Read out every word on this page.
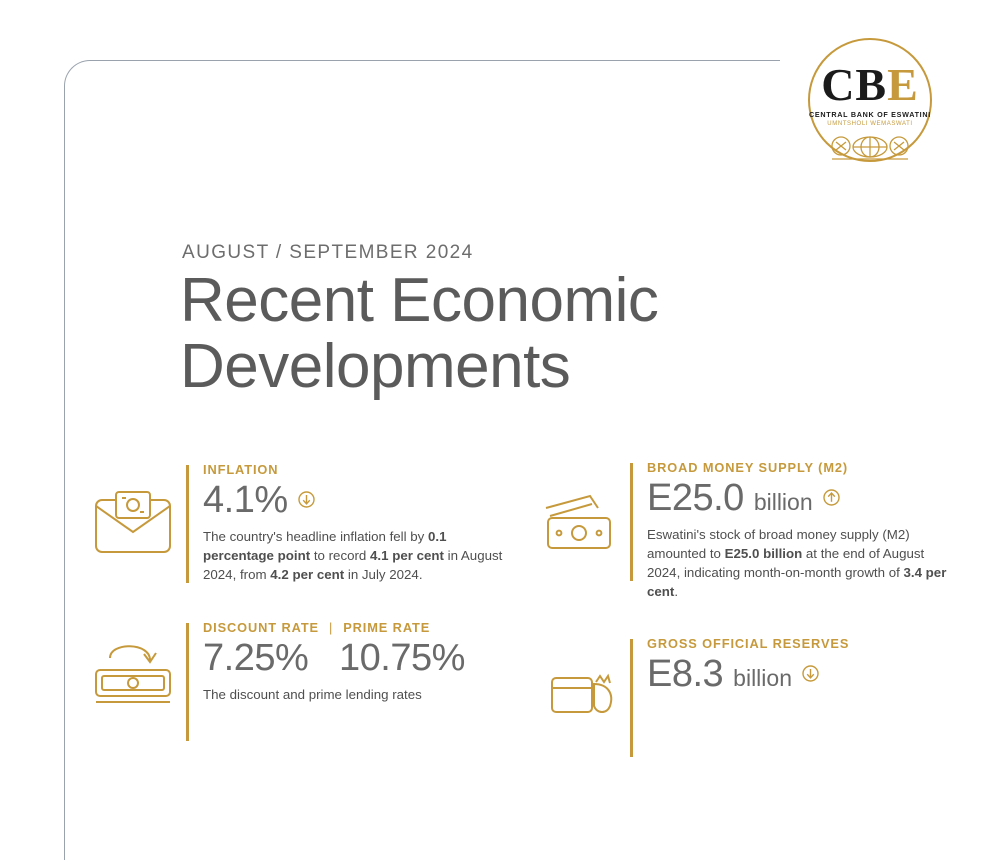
CBE
CENTRAL BANK OF ESWATINI
UMNTSHOLI WEMASWATI
AUGUST / SEPTEMBER 2024
Recent Economic
Developments
INFLATION
4.1%
The country's headline inflation fell by 0.1 percentage point to record 4.1 per cent in August 2024, from 4.2 per cent in July 2024.
DISCOUNT RATE | PRIME RATE
7.25% 10.75%
The discount and prime lending rates
BROAD MONEY SUPPLY (M2)
E25.0 billion
Eswatini's stock of broad money supply (M2) amounted to E25.0 billion at the end of August 2024, indicating month-on-month growth of 3.4 per cent.
GROSS OFFICIAL RESERVES
E8.3 billion
